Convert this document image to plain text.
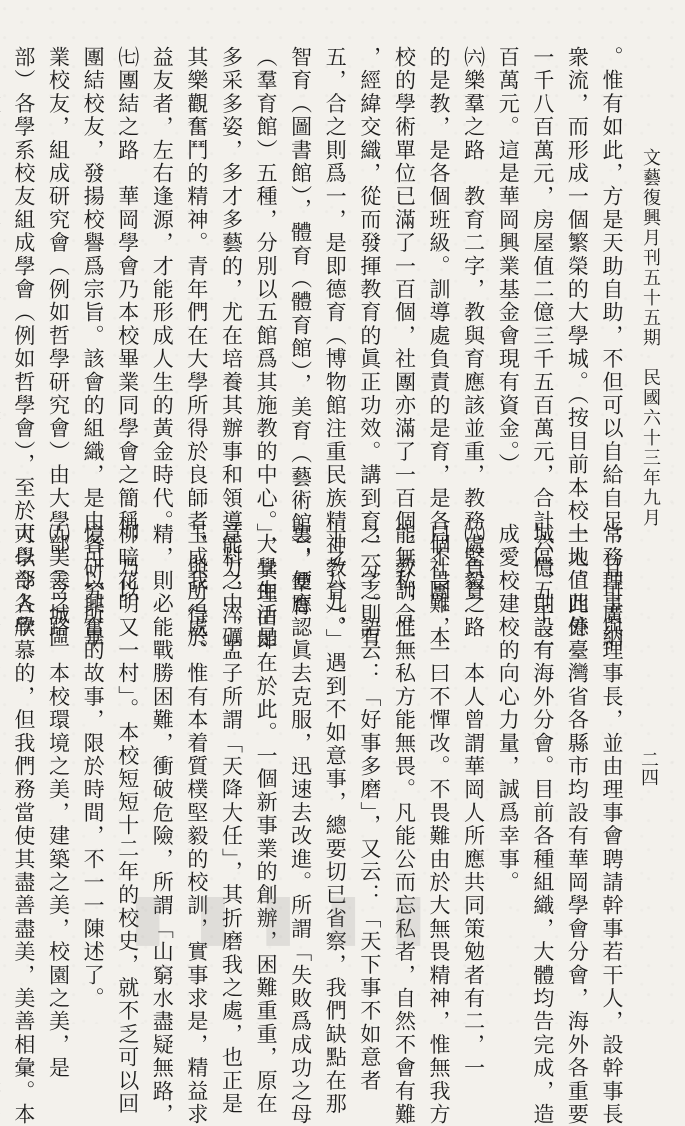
文藝復興月刊五十五期　民國六十三年九月
二四

。惟有如此，方是天助自助，不但可以自給自足，且可廣納

衆流，而形成一個繁榮的大學城。（按目前本校土地值四億

一千八百萬元，房屋值二億三千五百萬元，合計六億五千三

百萬元。這是華岡興業基金會現有資金。）

㈥樂羣之路　教育二字，教與育應該並重，教務處負責

的是教，是各個班級。訓導處負責的是育，是各個社團。本

校的學術單位已滿了一百個，社團亦滿了一百個，教訓合一

，經緯交織，從而發揮教育的眞正功效。講到育，分之則有

五，合之則爲一，是即德育（博物館注重民族精神教育），

智育（圖書館），體育（體育館），美育（藝術館），羣育

（羣育館）五種，分別以五館爲其施教的中心。大學生活是

多采多姿，多才多藝的，尤在培養其辦事和領導能力，淬礪

其樂觀奮鬥的精神。青年們在大學所得於良師者，與所得於

益友者，左右逢源，才能形成人生的黃金時代。

㈦團結之路　華岡學會乃本校畢業同學會之簡稱，乃以

團結校友，發揚校譽爲宗旨。該會的組織，是由各研究所畢

業校友，組成研究會（例如哲學研究會）由大學部（含城區

部）各學系校友組成學會（例如哲學會），至於大學部各學

常務理事與理事長，並由理事會聘請幹事若干人，設幹事長

一人。此外臺灣省各縣市均設有華岡學會分會，海外各重要

城區，則設有海外分會。目前各種組織，大體均告完成，造

成愛校建校的向心力量，誠爲幸事。

㈧堅毅之路　本人曾謂華岡人所應共同策勉者有二，一

曰不畏難，一曰不憚改。不畏難由於大無畏精神，惟無我方

能無私，惟無私方能無畏。凡能公而忘私者，自然不會有難

之一字。語云：「好事多磨」，又云：「天下事不如意者

十之八九。」遇到不如意事，總要切已省察，我們缺點在那

裏，便應認眞去克服，迅速去改進。所謂「失敗爲成功之母

」，其理由即在於此。一個新事業的創辦，困難重重，原在

意料之中，孟子所謂「天降大任」，其折磨我之處，也正是

玉成我之處。惟有本着質樸堅毅的校訓，實事求是，精益求

精，則必能戰勝困難，衝破危險，所謂「山窮水盡疑無路，

柳暗花明又一村」。本校短短十二年的校史，就不乏可以回

憶可以興奮的故事，限於時間，不一一陳述了。

㈨美善之路　本校環境之美，建築之美，校園之美，是

可以令人欣慕的，但我們務當使其盡善盡美，美善相彙。本 ▮▮▮▮▮
